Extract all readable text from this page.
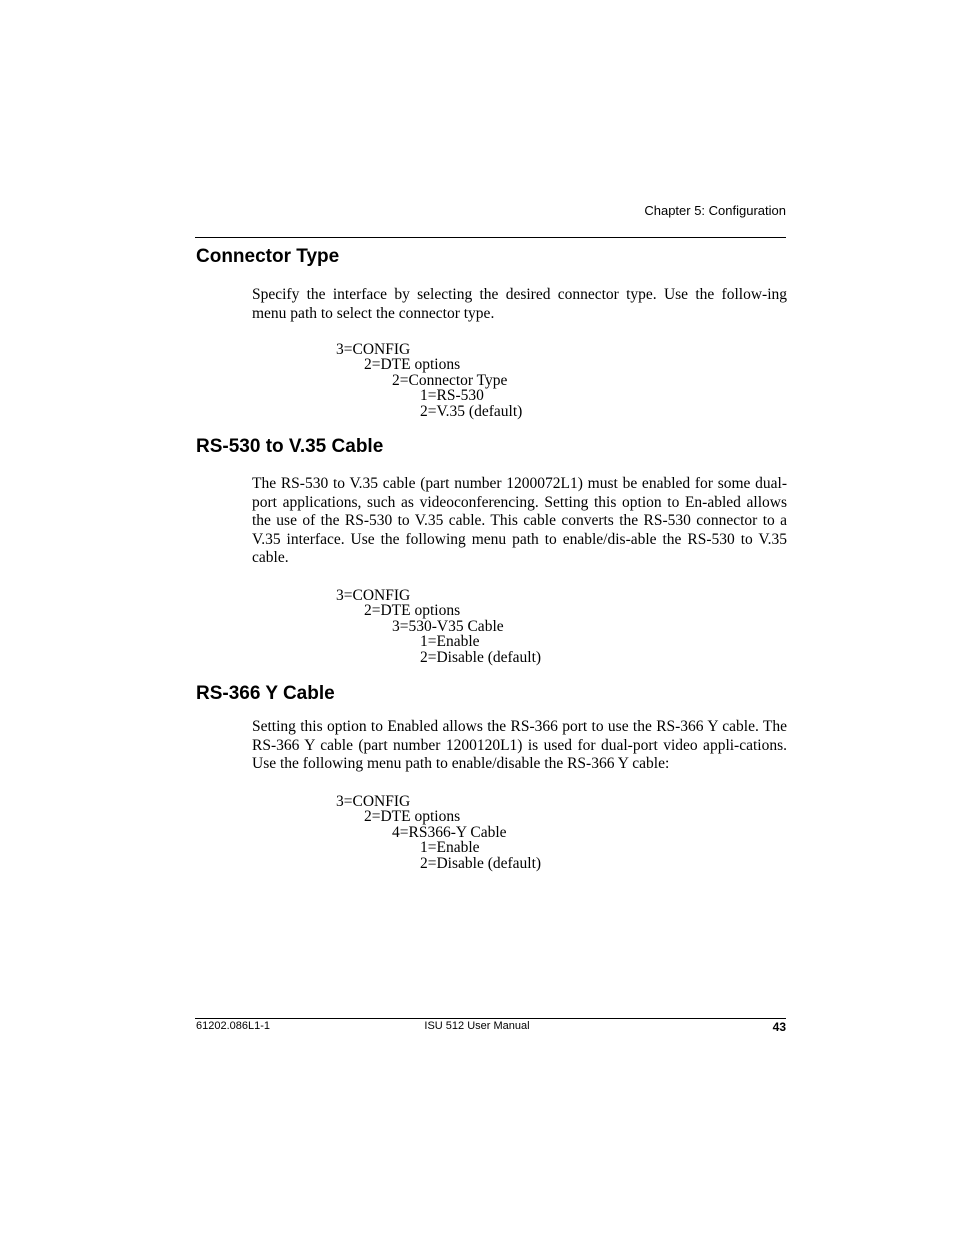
Chapter 5: Configuration
Connector Type

Specify the interface by selecting the desired connector type. Use the follow-ing menu path to select the connector type.

3=CONFIG
2=DTE options
2=Connector Type
1=RS-530
2=V.35 (default)
RS-530 to V.35 Cable

The RS-530 to V.35 cable (part number 1200072L1) must be enabled for some dual-port applications, such as videoconferencing. Setting this option to En-abled allows the use of the RS-530 to V.35 cable. This cable converts the RS-530 connector to a V.35 interface. Use the following menu path to enable/dis-able the RS-530 to V.35 cable.

3=CONFIG
2=DTE options
3=530-V35 Cable
1=Enable
2=Disable (default)
RS-366 Y Cable

Setting this option to Enabled allows the RS-366 port to use the RS-366 Y cable. The RS-366 Y cable (part number 1200120L1) is used for dual-port video appli-cations. Use the following menu path to enable/disable the RS-366 Y cable:

3=CONFIG
2=DTE options
4=RS366-Y Cable
1=Enable
2=Disable (default)
61202.086L1-1	ISU 512 User Manual	43
